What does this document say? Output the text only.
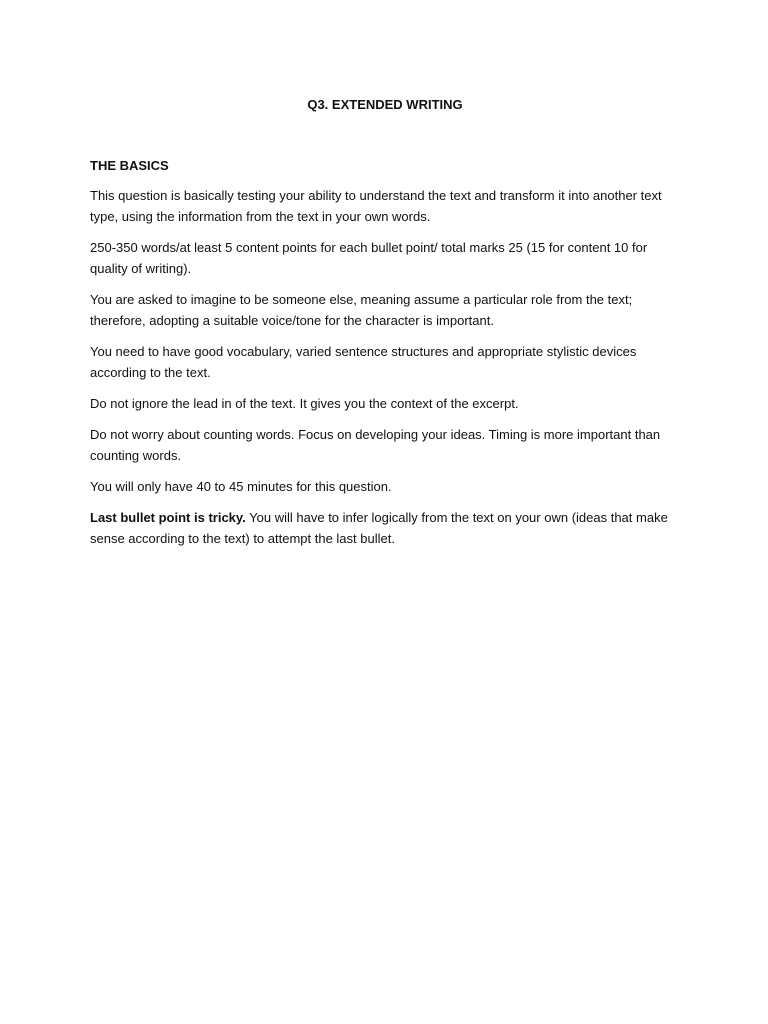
Q3. EXTENDED WRITING
THE BASICS

This question is basically testing your ability to understand the text and transform it into another text type, using the information from the text in your own words.

250-350 words/at least 5 content points for each bullet point/ total marks 25 (15 for content 10 for quality of writing).

You are asked to imagine to be someone else, meaning assume a particular role from the text; therefore, adopting a suitable voice/tone for the character is important.

You need to have good vocabulary, varied sentence structures and appropriate stylistic devices according to the text.

Do not ignore the lead in of the text. It gives you the context of the excerpt.

Do not worry about counting words. Focus on developing your ideas. Timing is more important than counting words.

You will only have 40 to 45 minutes for this question.

Last bullet point is tricky. You will have to infer logically from the text on your own (ideas that make sense according to the text) to attempt the last bullet.
